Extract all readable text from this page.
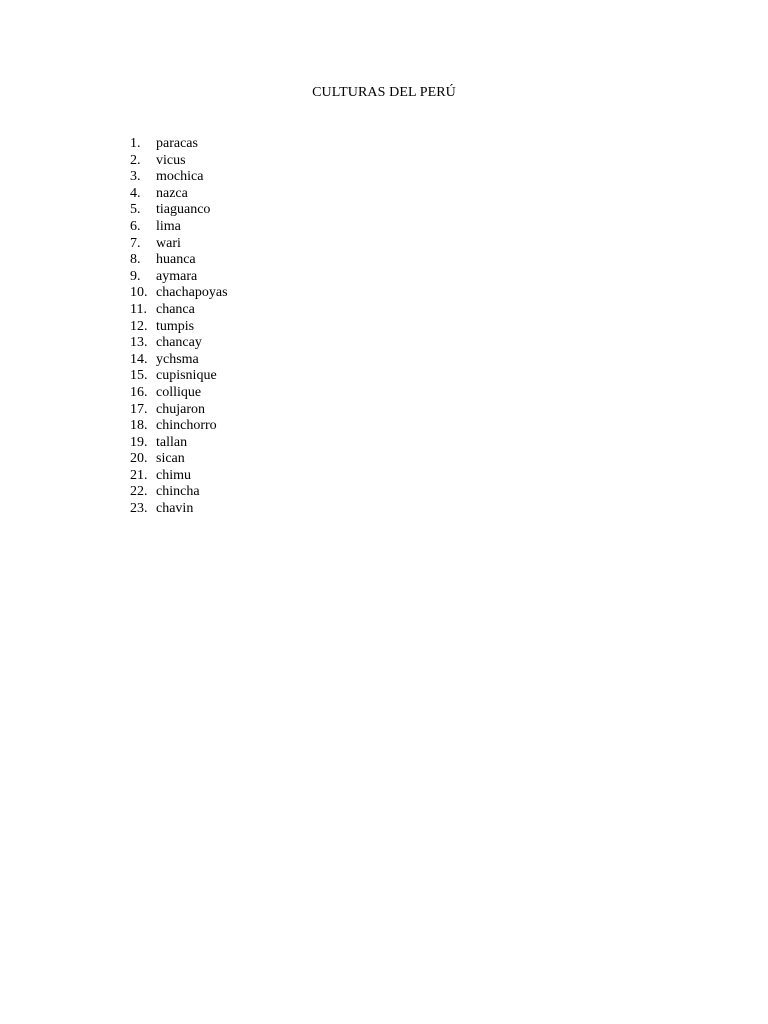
CULTURAS DEL PERÚ
1.	paracas
2.	vicus
3.	mochica
4.	nazca
5.	tiaguanco
6.	lima
7.	wari
8.	huanca
9.	aymara
10. chachapoyas
11. chanca
12. tumpis
13. chancay
14. ychsma
15. cupisnique
16. collique
17. chujaron
18. chinchorro
19. tallan
20. sican
21. chimu
22. chincha
23. chavin
